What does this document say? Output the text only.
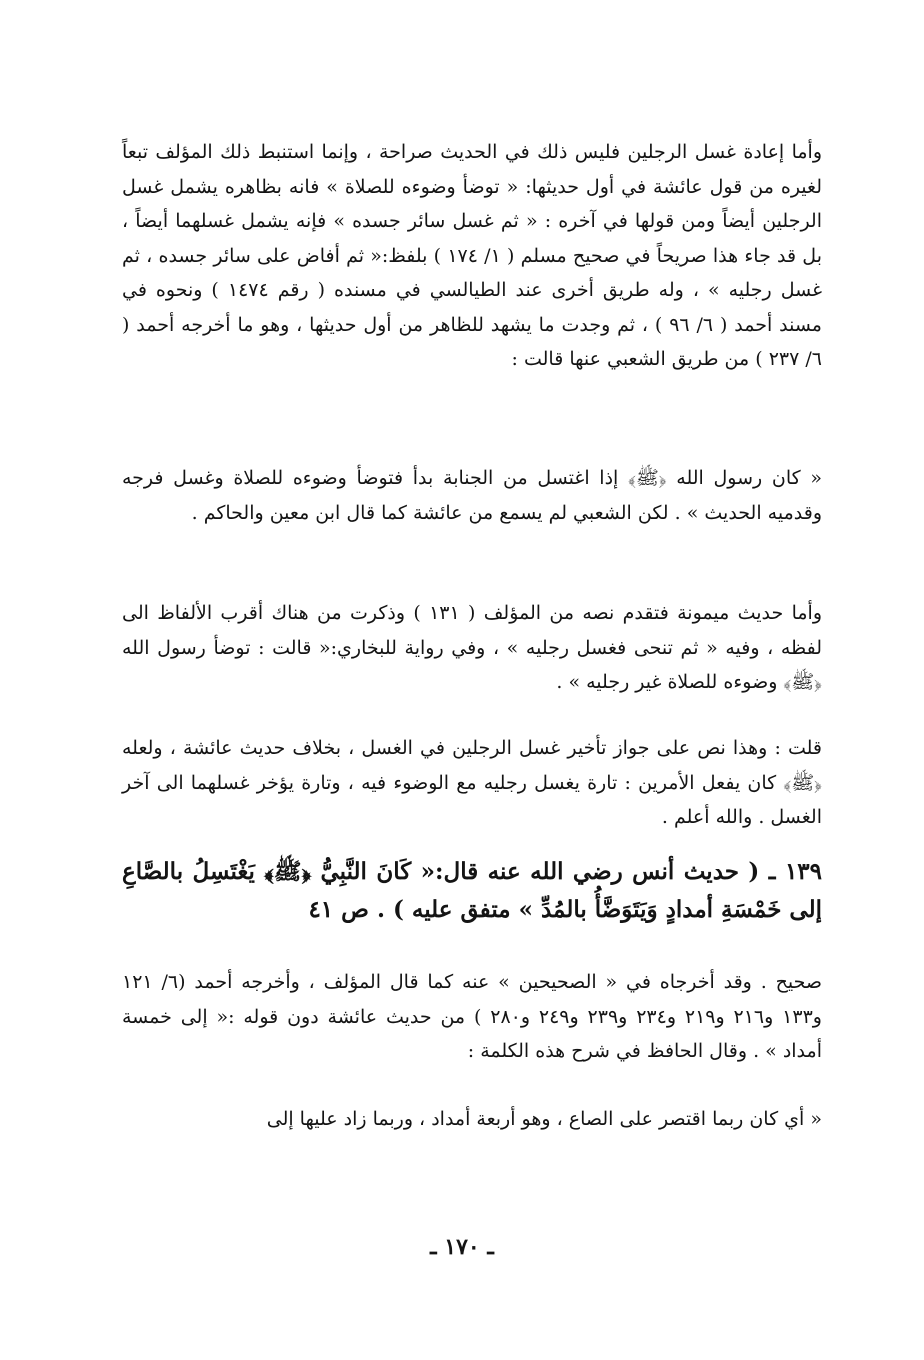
وأما إعادة غسل الرجلين فليس ذلك في الحديث صراحة ، وإنما استنبط ذلك المؤلف تبعاً لغيره من قول عائشة في أول حديثها: « توضأ وضوءه للصلاة » فانه بظاهره يشمل غسل الرجلين أيضاً ومن قولها في آخره : « ثم غسل سائر جسده » فإنه يشمل غسلهما أيضاً ، بل قد جاء هذا صريحاً في صحيح مسلم ( ١/ ١٧٤ ) بلفظ:« ثم أفاض على سائر جسده ، ثم غسل رجليه » ، وله طريق أخرى عند الطيالسي في مسنده ( رقم ١٤٧٤ ) ونحوه في مسند أحمد ( ٦/ ٩٦ ) ، ثم وجدت ما يشهد للظاهر من أول حديثها ، وهو ما أخرجه أحمد ( ٦/ ٢٣٧ ) من طريق الشعبي عنها قالت :

« كان رسول الله ﴿ﷺ﴾ إذا اغتسل من الجنابة بدأ فتوضأ وضوءه للصلاة وغسل فرجه وقدميه الحديث » . لكن الشعبي لم يسمع من عائشة كما قال ابن معين والحاكم .

وأما حديث ميمونة فتقدم نصه من المؤلف ( ١٣١ ) وذكرت من هناك أقرب الألفاظ الى لفظه ، وفيه « ثم تنحى فغسل رجليه » ، وفي رواية للبخاري:« قالت : توضأ رسول الله ﴿ﷺ﴾ وضوءه للصلاة غير رجليه » .

قلت : وهذا نص على جواز تأخير غسل الرجلين في الغسل ، بخلاف حديث عائشة ، ولعله ﴿ﷺ﴾ كان يفعل الأمرين : تارة يغسل رجليه مع الوضوء فيه ، وتارة يؤخر غسلهما الى آخر الغسل . والله أعلم .

١٣٩ ـ ( حديث أنس رضي الله عنه قال:« كَانَ النَّبِيُّ ﴿ﷺ﴾ يَغْتَسِلُ بالصَّاعِ إلى خَمْسَةِ أمدادٍ وَيَتَوَضَّأُ بالمُدِّ » متفق عليه ) . ص ٤١

صحيح . وقد أخرجاه في « الصحيحين » عنه كما قال المؤلف ، وأخرجه أحمد (٦/ ١٢١ و١٣٣ و٢١٦ و٢١٩ و٢٣٤ و٢٣٩ و٢٤٩ و٢٨٠ ) من حديث عائشة دون قوله :« إلى خمسة أمداد » . وقال الحافظ في شرح هذه الكلمة :

« أي كان ربما اقتصر على الصاع ، وهو أربعة أمداد ، وربما زاد عليها إلى

ـ ١٧٠ ـ
